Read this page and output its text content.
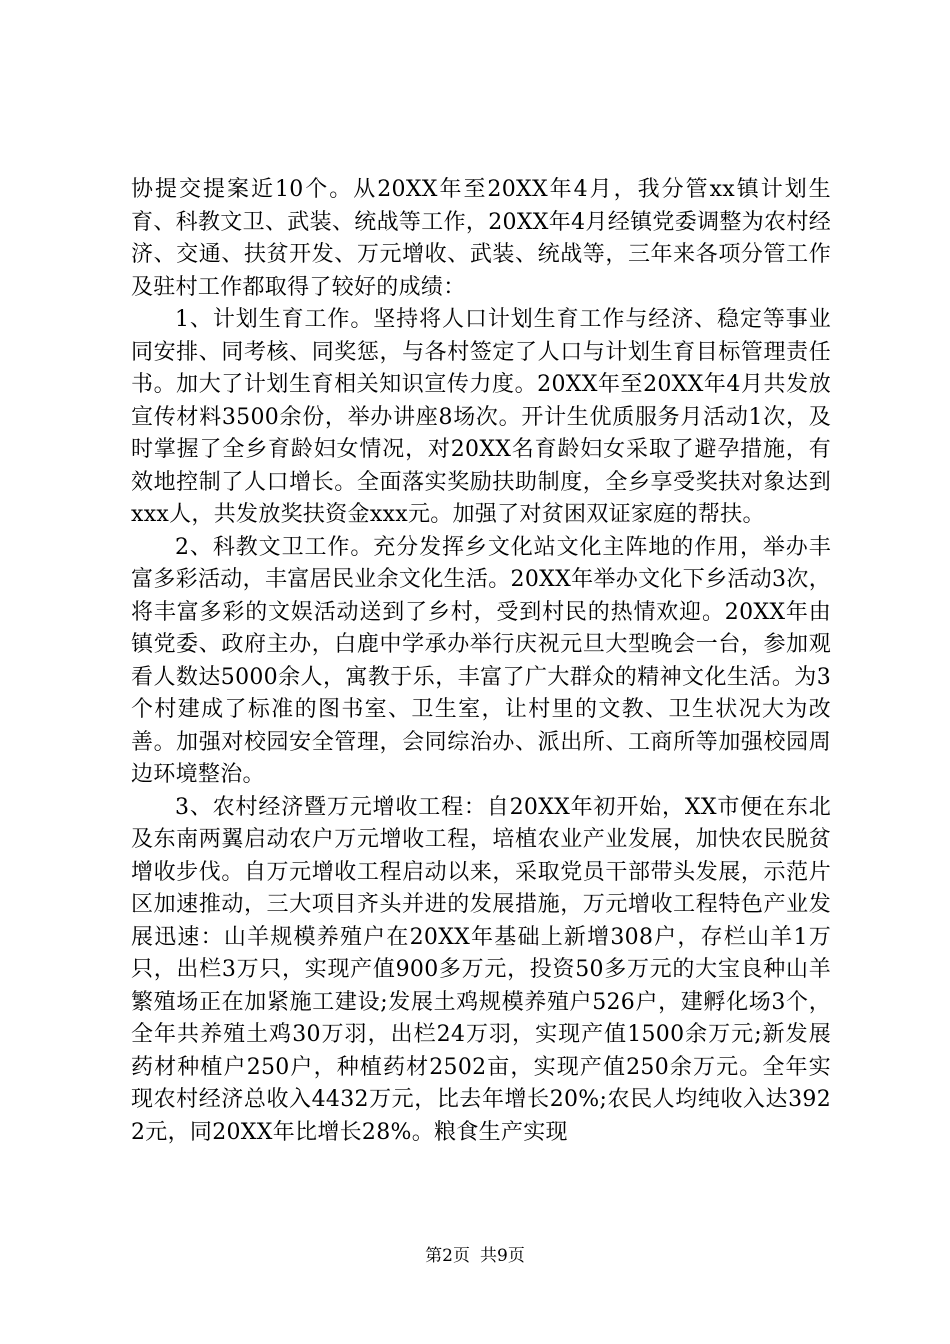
协提交提案近10个。从20XX年至20XX年4月，我分管xx镇计划生育、科教文卫、武装、统战等工作，20XX年4月经镇党委调整为农村经济、交通、扶贫开发、万元增收、武装、统战等，三年来各项分管工作及驻村工作都取得了较好的成绩：

1、计划生育工作。坚持将人口计划生育工作与经济、稳定等事业同安排、同考核、同奖惩，与各村签定了人口与计划生育目标管理责任书。加大了计划生育相关知识宣传力度。20XX年至20XX年4月共发放宣传材料3500余份，举办讲座8场次。开计生优质服务月活动1次，及时掌握了全乡育龄妇女情况，对20XX名育龄妇女采取了避孕措施，有效地控制了人口增长。全面落实奖励扶助制度，全乡享受奖扶对象达到xxx人，共发放奖扶资金xxx元。加强了对贫困双证家庭的帮扶。

2、科教文卫工作。充分发挥乡文化站文化主阵地的作用，举办丰富多彩活动，丰富居民业余文化生活。20XX年举办文化下乡活动3次，将丰富多彩的文娱活动送到了乡村，受到村民的热情欢迎。20XX年由镇党委、政府主办，白鹿中学承办举行庆祝元旦大型晚会一台，参加观看人数达5000余人，寓教于乐，丰富了广大群众的精神文化生活。为3个村建成了标准的图书室、卫生室，让村里的文教、卫生状况大为改善。加强对校园安全管理，会同综治办、派出所、工商所等加强校园周边环境整治。

3、农村经济暨万元增收工程：自20XX年初开始，XX市便在东北及东南两翼启动农户万元增收工程，培植农业产业发展，加快农民脱贫增收步伐。自万元增收工程启动以来，采取党员干部带头发展，示范片区加速推动，三大项目齐头并进的发展措施，万元增收工程特色产业发展迅速：山羊规模养殖户在20XX年基础上新增308户，存栏山羊1万只，出栏3万只，实现产值900多万元，投资50多万元的大宝良种山羊繁殖场正在加紧施工建设;发展土鸡规模养殖户526户，建孵化场3个，全年共养殖土鸡30万羽，出栏24万羽，实现产值1500余万元;新发展药材种植户250户，种植药材2502亩，实现产值250余万元。全年实现农村经济总收入4432万元，比去年增长20%;农民人均纯收入达3922元，同20XX年比增长28%。粮食生产实现

第2页 共9页
